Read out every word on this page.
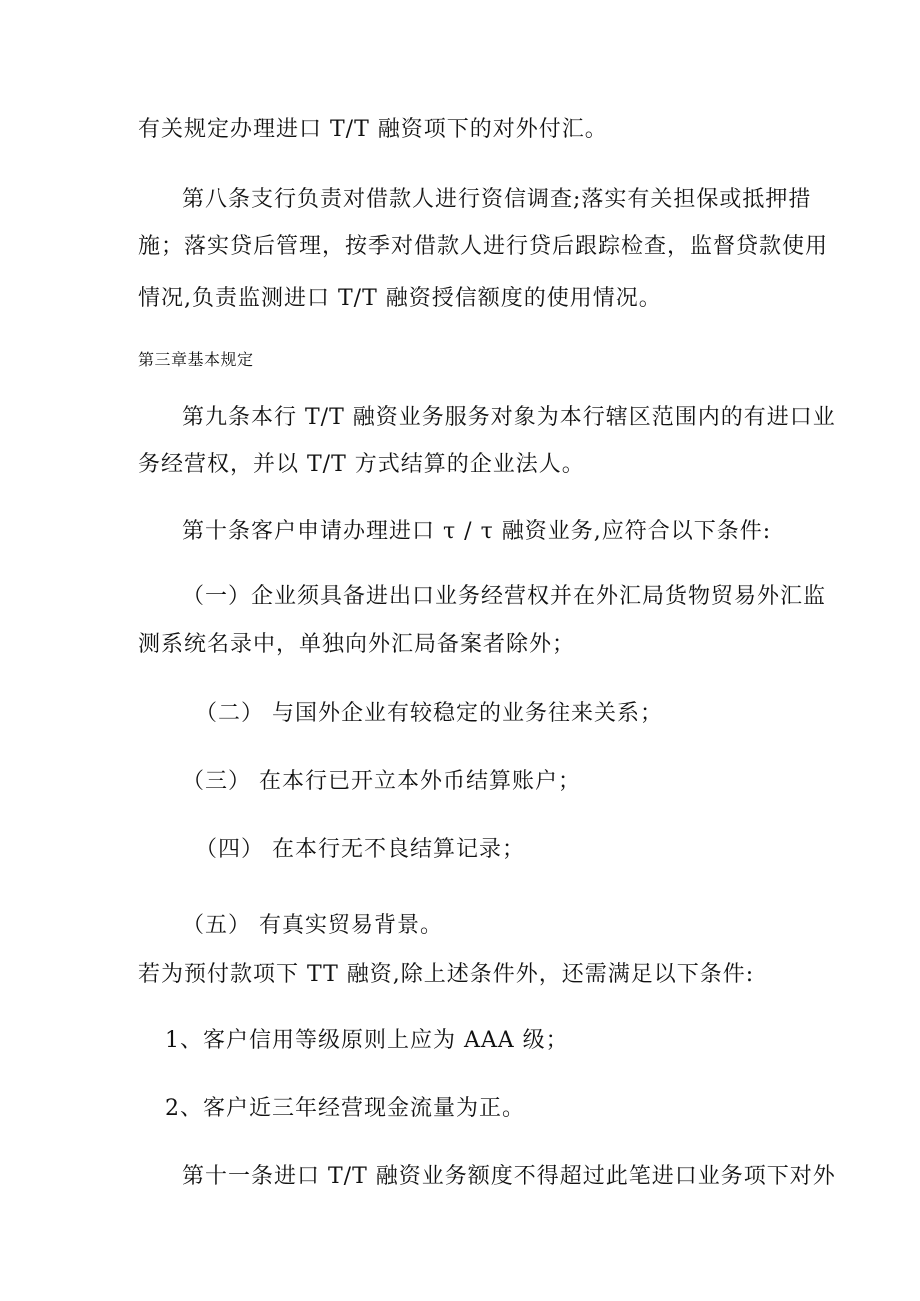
有关规定办理进口 T/T 融资项下的对外付汇。
第八条支行负责对借款人进行资信调查;落实有关担保或抵押措
施；落实贷后管理，按季对借款人进行贷后跟踪检查，监督贷款使用
情况,负责监测进口 T/T 融资授信额度的使用情况。
第三章基本规定
第九条本行 T/T 融资业务服务对象为本行辖区范围内的有进口业
务经营权，并以 T/T 方式结算的企业法人。
第十条客户申请办理进口 τ / τ 融资业务,应符合以下条件:
（一）企业须具备进出口业务经营权并在外汇局货物贸易外汇监
测系统名录中，单独向外汇局备案者除外；
（二） 与国外企业有较稳定的业务往来关系；
（三） 在本行已开立本外币结算账户；
（四） 在本行无不良结算记录；
（五） 有真实贸易背景。
若为预付款项下 TT 融资,除上述条件外，还需满足以下条件:
1、客户信用等级原则上应为 AAA 级；
2、客户近三年经营现金流量为正。
第十一条进口 T/T 融资业务额度不得超过此笔进口业务项下对外
